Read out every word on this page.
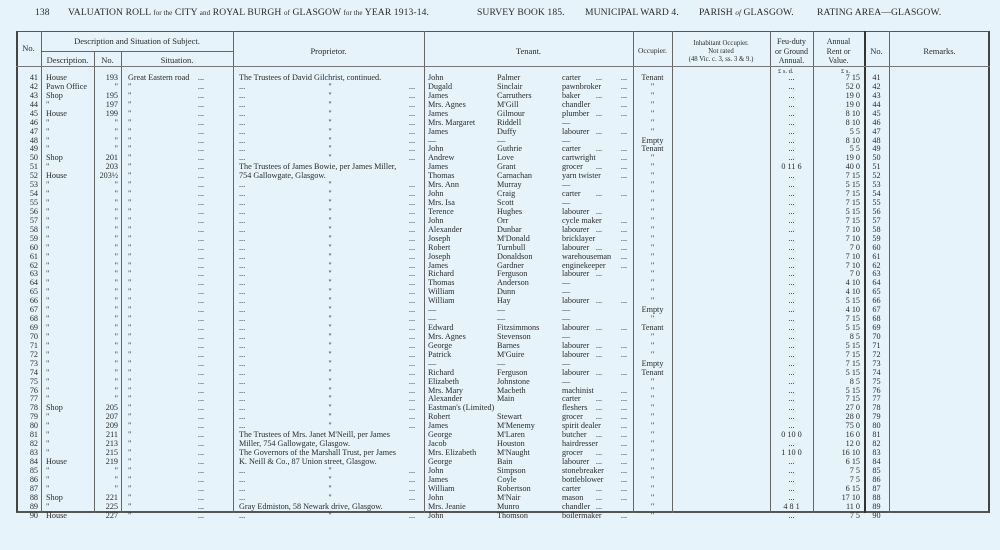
138 VALUATION ROLL for the CITY and ROYAL BURGH of GLASGOW for the YEAR 1913-14.	SURVEY BOOK 185. MUNICIPAL WARD 4. PARISH of GLASGOW. RATING AREA—GLASGOW.
No.
Description and Situation of Subject.
Description.	No.	Situation.
Proprietor.	Tenant.	Occupier.
Inhabitant Occupier.
Not rated
(48 Vic. c. 3, ss. 3 & 9.)
Feu-duty
or Ground
Annual.
Annual
Rent or
Value.
No.	Remarks.
£ s. d.	£ s.
41 House	193 Great Eastern road	...	The Trustees of David Gilchrist, continued.	John	Palmer	carter	...	...	Tenant	...	7 15	41
42 Pawn Office	" "	...	...	"	...	Dugald	Sinclair	pawnbroker	...	"	...	52 0	42
43 Shop	195 "	...	...	"	...	James	Carruthers	baker	...	...	"	...	19 0	43
44 "	197 "	...	...	"	...	Mrs. Agnes	M'Gill	chandler	...	"	...	19 0	44
45 House	199 "	...	...	"	...	James	Gilmour	plumber ...	...	"	...	8 10	45
46 "	" "	...	...	"	...	Mrs. Margaret	Riddell	—	"	...	8 10	46
47 "	" "	...	...	"	...	James	Duffy	labourer ...	...	"	...	5 5	47
48 "	" "	...	...	"	...	—	—	—	Empty	...	8 10	48
49 "	" "	...	...	"	...	John	Guthrie	carter	...	...	Tenant	...	5 5	49
50 Shop	201 "	...	...	"	...	Andrew	Love	cartwright	...	"	...	19 0	50
51 "	203 "	...	The Trustees of James Bowie, per James Miller,	James	Grant	grocer	...	...	"	0 11 6	40 0	51
52 House	203½ "	...	754 Gallowgate, Glasgow.	Thomas	Carnachan	yarn twister	...	"	...	7 15	52
53 "	" "	...	...	"	...	Mrs. Ann	Murray	—	"	...	5 15	53
54 "	" "	...	...	"	...	John	Craig	carter	...	...	"	...	7 15	54
55 "	" "	...	...	"	...	Mrs. Isa	Scott	—	"	...	7 15	55
56 "	" "	...	...	"	...	Terence	Hughes	labourer ...	"	...	5 15	56
57 "	" "	...	...	"	...	John	Orr	cycle maker	...	"	...	7 15	57
58 "	" "	...	...	"	...	Alexander	Dunbar	labourer ...	...	"	...	7 10	58
59 "	" "	...	...	"	...	Joseph	M'Donald	bricklayer	...	"	...	7 10	59
60 "	" "	...	...	"	...	Robert	Turnbull	labourer ...	...	"	...	7 0	60
61 "	" "	...	...	"	...	Joseph	Donaldson	warehouseman	...	"	...	7 10	61
62 "	" "	...	...	"	...	James	Gardner	enginekeeper	...	"	...	7 10	62
63 "	" "	...	...	"	...	Richard	Ferguson	labourer ...	"	...	7 0	63
64 "	" "	...	...	"	...	Thomas	Anderson	—	"	...	4 10	64
65 "	" "	...	...	"	...	William	Dunn	—	"	...	4 10	65
66 "	" "	...	...	"	...	William	Hay	labourer ...	...	"	...	5 15	66
67 "	" "	...	...	"	...	—	—	—	Empty	...	4 10	67
68 "	" "	...	...	"	...	—	—	—	"	...	7 15	68
69 "	" "	...	...	"	...	Edward	Fitzsimmons	labourer ...	...	Tenant	...	5 15	69
70 "	" "	...	...	"	...	Mrs. Agnes	Stevenson	—	"	...	8 5	70
71 "	" "	...	...	"	...	George	Barnes	labourer ...	...	"	...	5 15	71
72 "	" "	...	...	"	...	Patrick	M'Guire	labourer ...	...	"	...	7 15	72
73 "	" "	...	...	"	...	—	—	—	Empty	...	7 15	73
74 "	" "	...	...	"	...	Richard	Ferguson	labourer ...	...	Tenant	...	5 15	74
75 "	" "	...	...	"	...	Elizabeth	Johnstone	—	"	...	8 5	75
76 "	" "	...	...	"	...	Mrs. Mary	Macbeth	machinist	...	"	...	5 15	76
77 "	" "	...	...	"	...	Alexander	Main	carter	...	...	"	...	7 15	77
78 Shop	205 "	...	...	"	...	Eastman's (Limited)	fleshers	...	...	"	...	27 0	78
79 "	207 "	...	...	"	...	Robert	Stewart	grocer	...	...	"	...	28 0	79
80 "	209 "	...	...	"	...	James	M'Menemy	spirit dealer	...	"	...	75 0	80
81 "	211 "	...	The Trustees of Mrs. Janet M'Neill, per James	George	M'Laren	butcher	...	...	"	0 10 0	16 0	81
82 "	213 "	...	Miller, 754 Gallowgate, Glasgow.	Jacob	Houston	hairdresser	...	"	...	12 0	82
83 "	215 "	...	The Governors of the Marshall Trust, per James	Mrs. Elizabeth	M'Naught	grocer	...	...	"	1 10 0	16 10	83
84 House	219 "	...	K. Neill & Co., 87 Union street, Glasgow.	George	Bain	labourer ...	...	"	...	6 15	84
85 "	" "	...	...	"	...	John	Simpson	stonebreaker	...	"	...	7 5	85
86 "	" "	...	...	"	...	James	Coyle	bottleblower	...	"	...	7 5	86
87 "	" "	...	...	"	...	William	Robertson	carter	...	...	"	...	6 15	87
88 Shop	221 "	...	...	"	...	John	M'Nair	mason	...	...	"	...	17 10	88
89 "	225 "	...	Gray Edmiston, 58 Newark drive, Glasgow.	Mrs. Jeanie	Munro	chandler ...	"	4 8 1	11 0	89
90 House	227 "	...	...	"	...	John	Thomson	boilermaker	...	"	...	7 5	90
